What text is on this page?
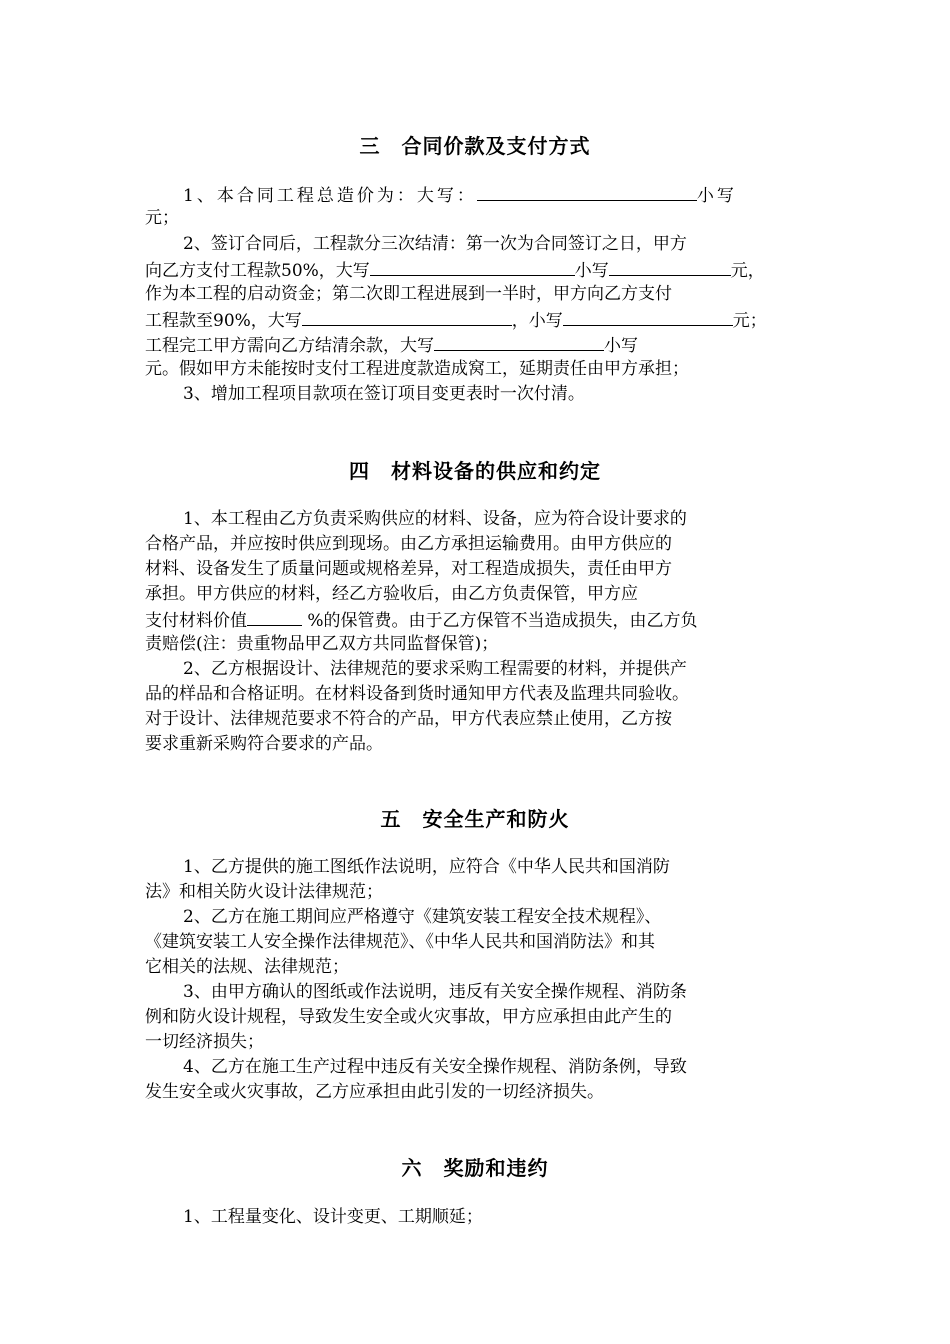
三　合同价款及支付方式
1、本合同工程总造价为：大写：	小写
元；
2、签订合同后，工程款分三次结清：第一次为合同签订之日，甲方
向乙方支付工程款50%，大写	小写	元，
作为本工程的启动资金；第二次即工程进展到一半时，甲方向乙方支付
工程款至90%，大写	，小写	元；
工程完工甲方需向乙方结清余款，大写	小写
元。假如甲方未能按时支付工程进度款造成窝工，延期责任由甲方承担；
3、增加工程项目款项在签订项目变更表时一次付清。
四　材料设备的供应和约定
1、本工程由乙方负责采购供应的材料、设备，应为符合设计要求的
合格产品，并应按时供应到现场。由乙方承担运输费用。由甲方供应的
材料、设备发生了质量问题或规格差异，对工程造成损失，责任由甲方
承担。甲方供应的材料，经乙方验收后，由乙方负责保管，甲方应
支付材料价值	%的保管费。由于乙方保管不当造成损失，由乙方负
责赔偿(注：贵重物品甲乙双方共同监督保管)；
2、乙方根据设计、法律规范的要求采购工程需要的材料，并提供产
品的样品和合格证明。在材料设备到货时通知甲方代表及监理共同验收。
对于设计、法律规范要求不符合的产品，甲方代表应禁止使用，乙方按
要求重新采购符合要求的产品。
五　安全生产和防火
1、乙方提供的施工图纸作法说明，应符合《中华人民共和国消防
法》和相关防火设计法律规范；
2、乙方在施工期间应严格遵守《建筑安装工程安全技术规程》、
《建筑安装工人安全操作法律规范》、《中华人民共和国消防法》和其
它相关的法规、法律规范；
3、由甲方确认的图纸或作法说明，违反有关安全操作规程、消防条
例和防火设计规程，导致发生安全或火灾事故，甲方应承担由此产生的
一切经济损失；
4、乙方在施工生产过程中违反有关安全操作规程、消防条例，导致
发生安全或火灾事故，乙方应承担由此引发的一切经济损失。
六　奖励和违约
1、工程量变化、设计变更、工期顺延；
